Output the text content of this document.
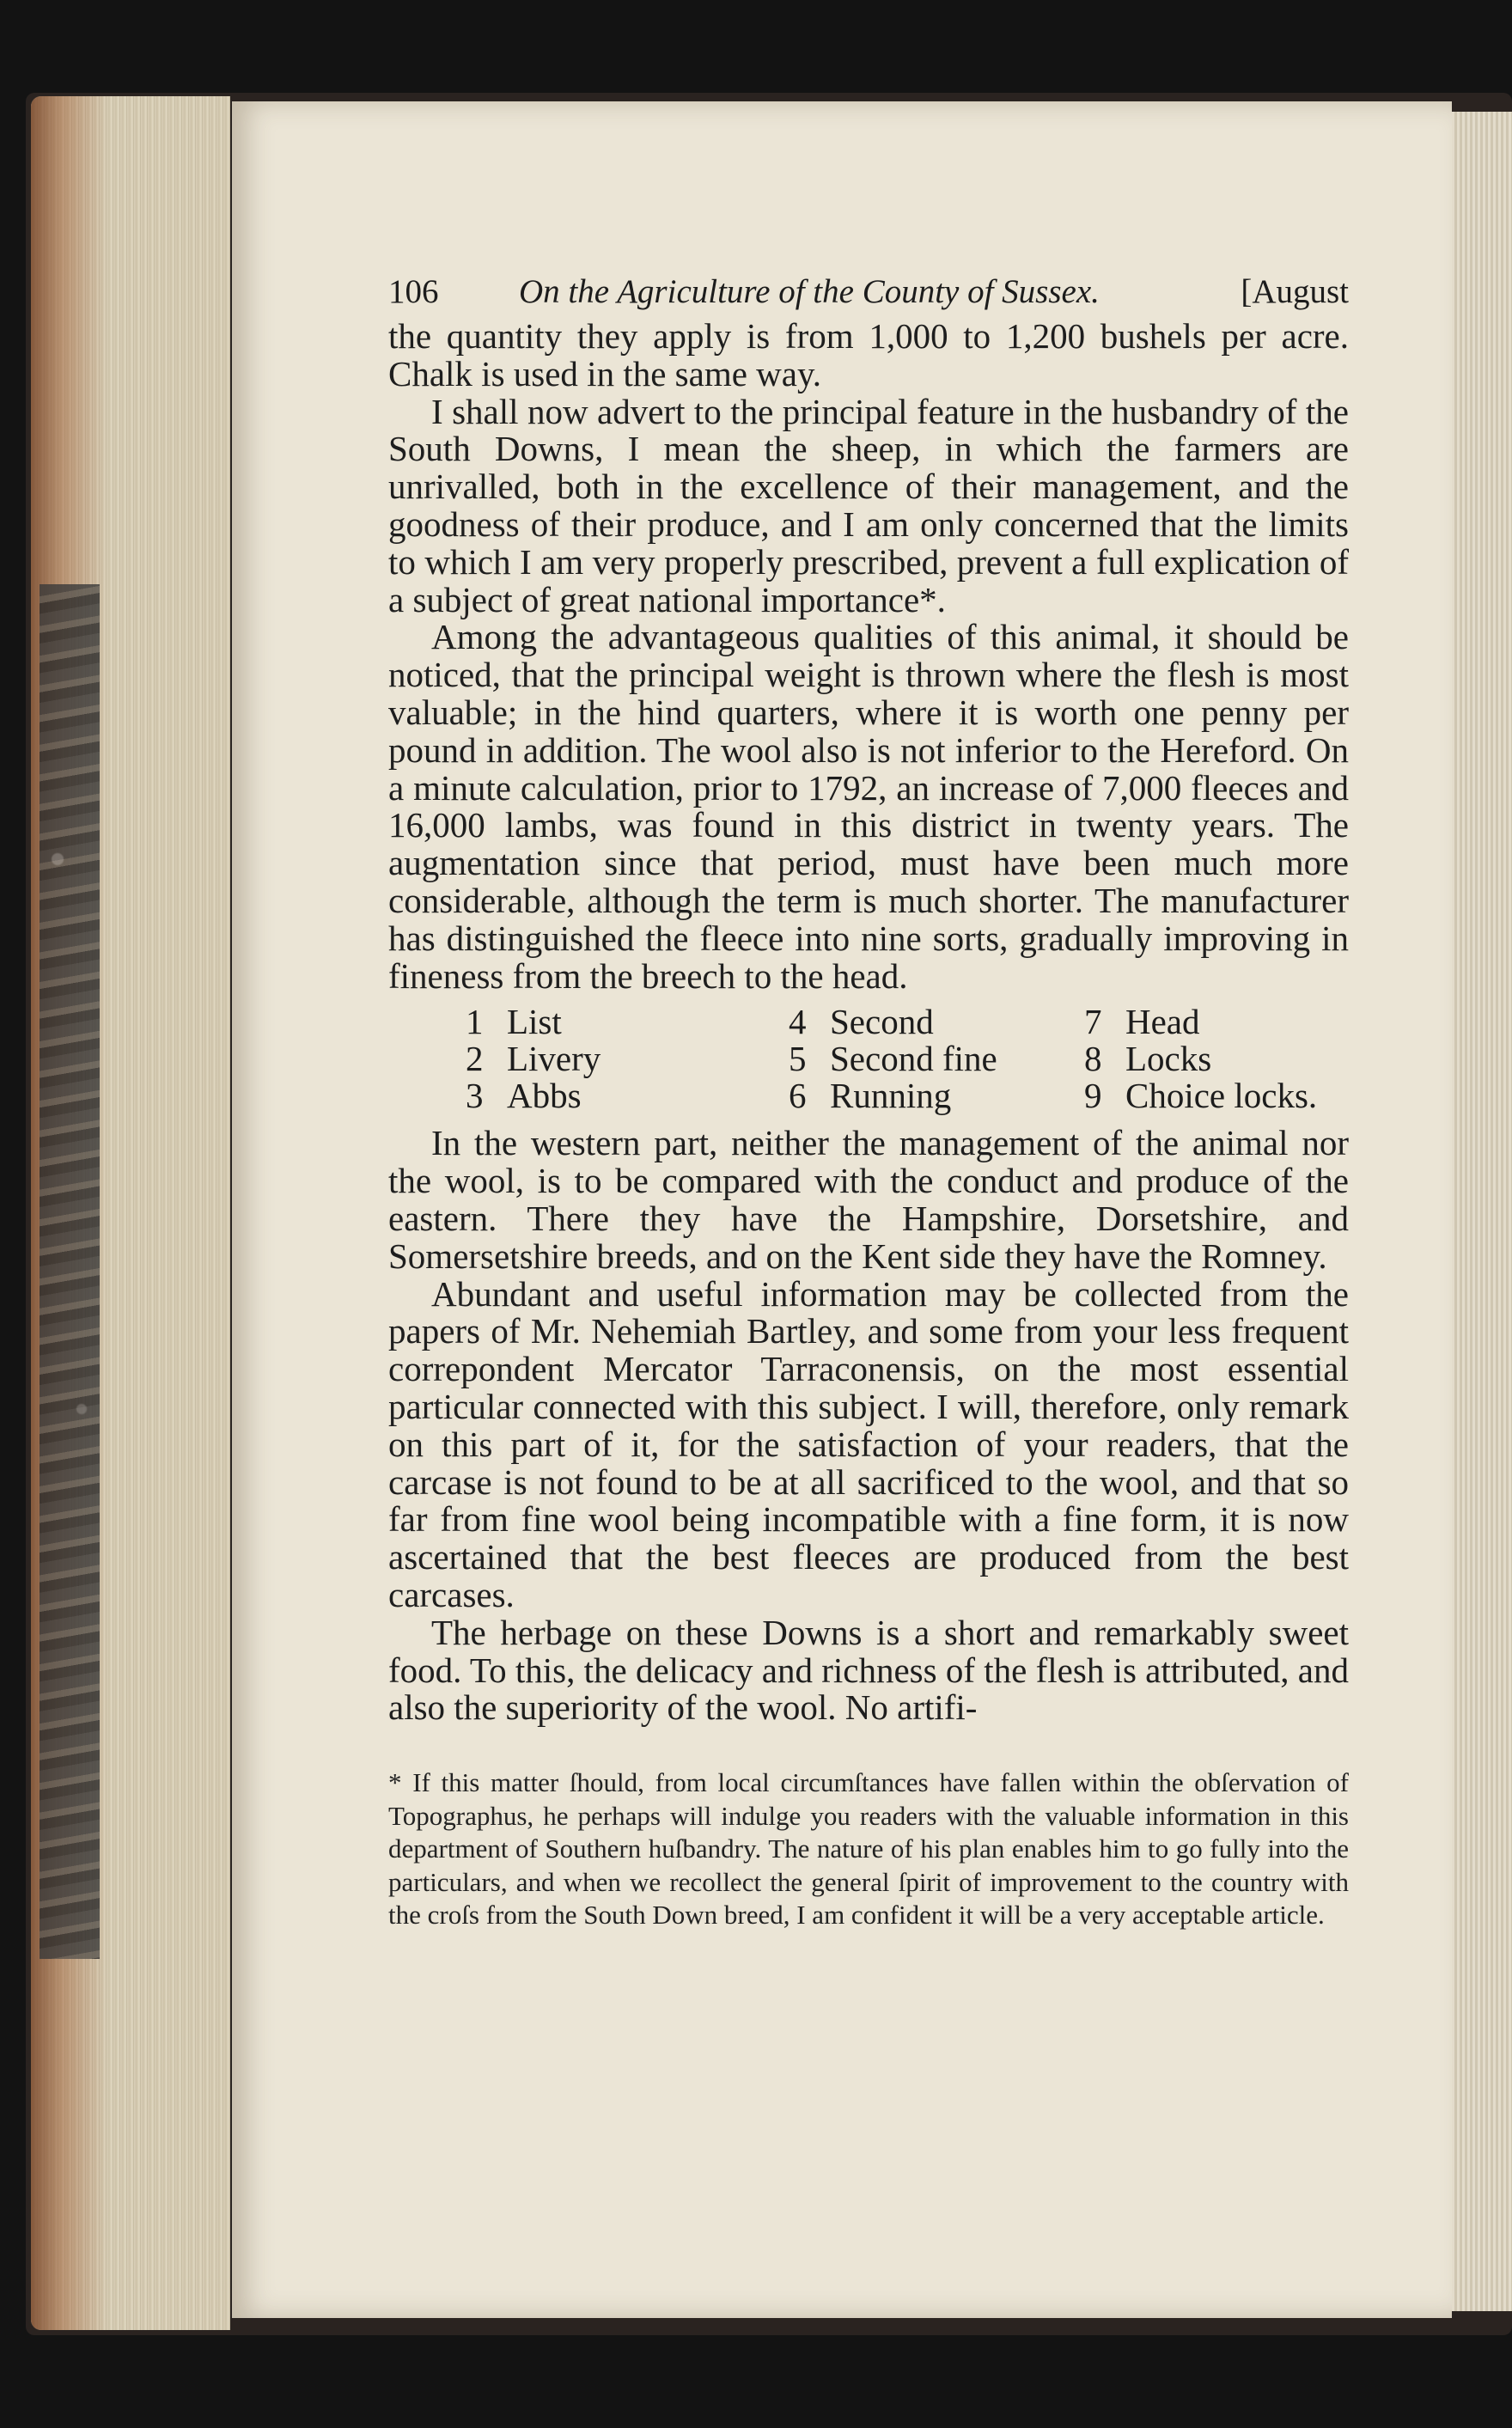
106 On the Agriculture of the County of Sussex.	[August

the quantity they apply is from 1,000 to 1,200 bushels per acre. Chalk is used in the same way.

I shall now advert to the principal feature in the husbandry of the South Downs, I mean the sheep, in which the farmers are unrivalled, both in the excellence of their management, and the goodness of their produce, and I am only concerned that the limits to which I am very properly prescribed, prevent a full explication of a subject of great national importance*.

Among the advantageous qualities of this animal, it should be noticed, that the principal weight is thrown where the flesh is most valuable; in the hind quarters, where it is worth one penny per pound in addition. The wool also is not inferior to the Hereford. On a minute calculation, prior to 1792, an increase of 7,000 fleeces and 16,000 lambs, was found in this district in twenty years. The augmentation since that period, must have been much more considerable, although the term is much shorter. The manufacturer has distinguished the fleece into nine sorts, gradually improving in fineness from the breech to the head.

1 List	4 Second	7 Head
2 Livery	5 Second fine	8 Locks
3 Abbs	6 Running	9 Choice locks.

In the western part, neither the management of the animal nor the wool, is to be compared with the conduct and produce of the eastern. There they have the Hampshire, Dorsetshire, and Somersetshire breeds, and on the Kent side they have the Romney.

Abundant and useful information may be collected from the papers of Mr. Nehemiah Bartley, and some from your less frequent correpondent Mercator Tarraconensis, on the most essential particular connected with this subject. I will, therefore, only remark on this part of it, for the satisfaction of your readers, that the carcase is not found to be at all sacrificed to the wool, and that so far from fine wool being incompatible with a fine form, it is now ascertained that the best fleeces are produced from the best carcases.

The herbage on these Downs is a short and remarkably sweet food. To this, the delicacy and richness of the flesh is attributed, and also the superiority of the wool. No artifi-

* If this matter ſhould, from local circumſtances have fallen within the obſervation of Topographus, he perhaps will indulge you readers with the valuable information in this department of Southern huſbandry. The nature of his plan enables him to go fully into the particulars, and when we recollect the general ſpirit of improvement to the country with the croſs from the South Down breed, I am confident it will be a very acceptable article.
